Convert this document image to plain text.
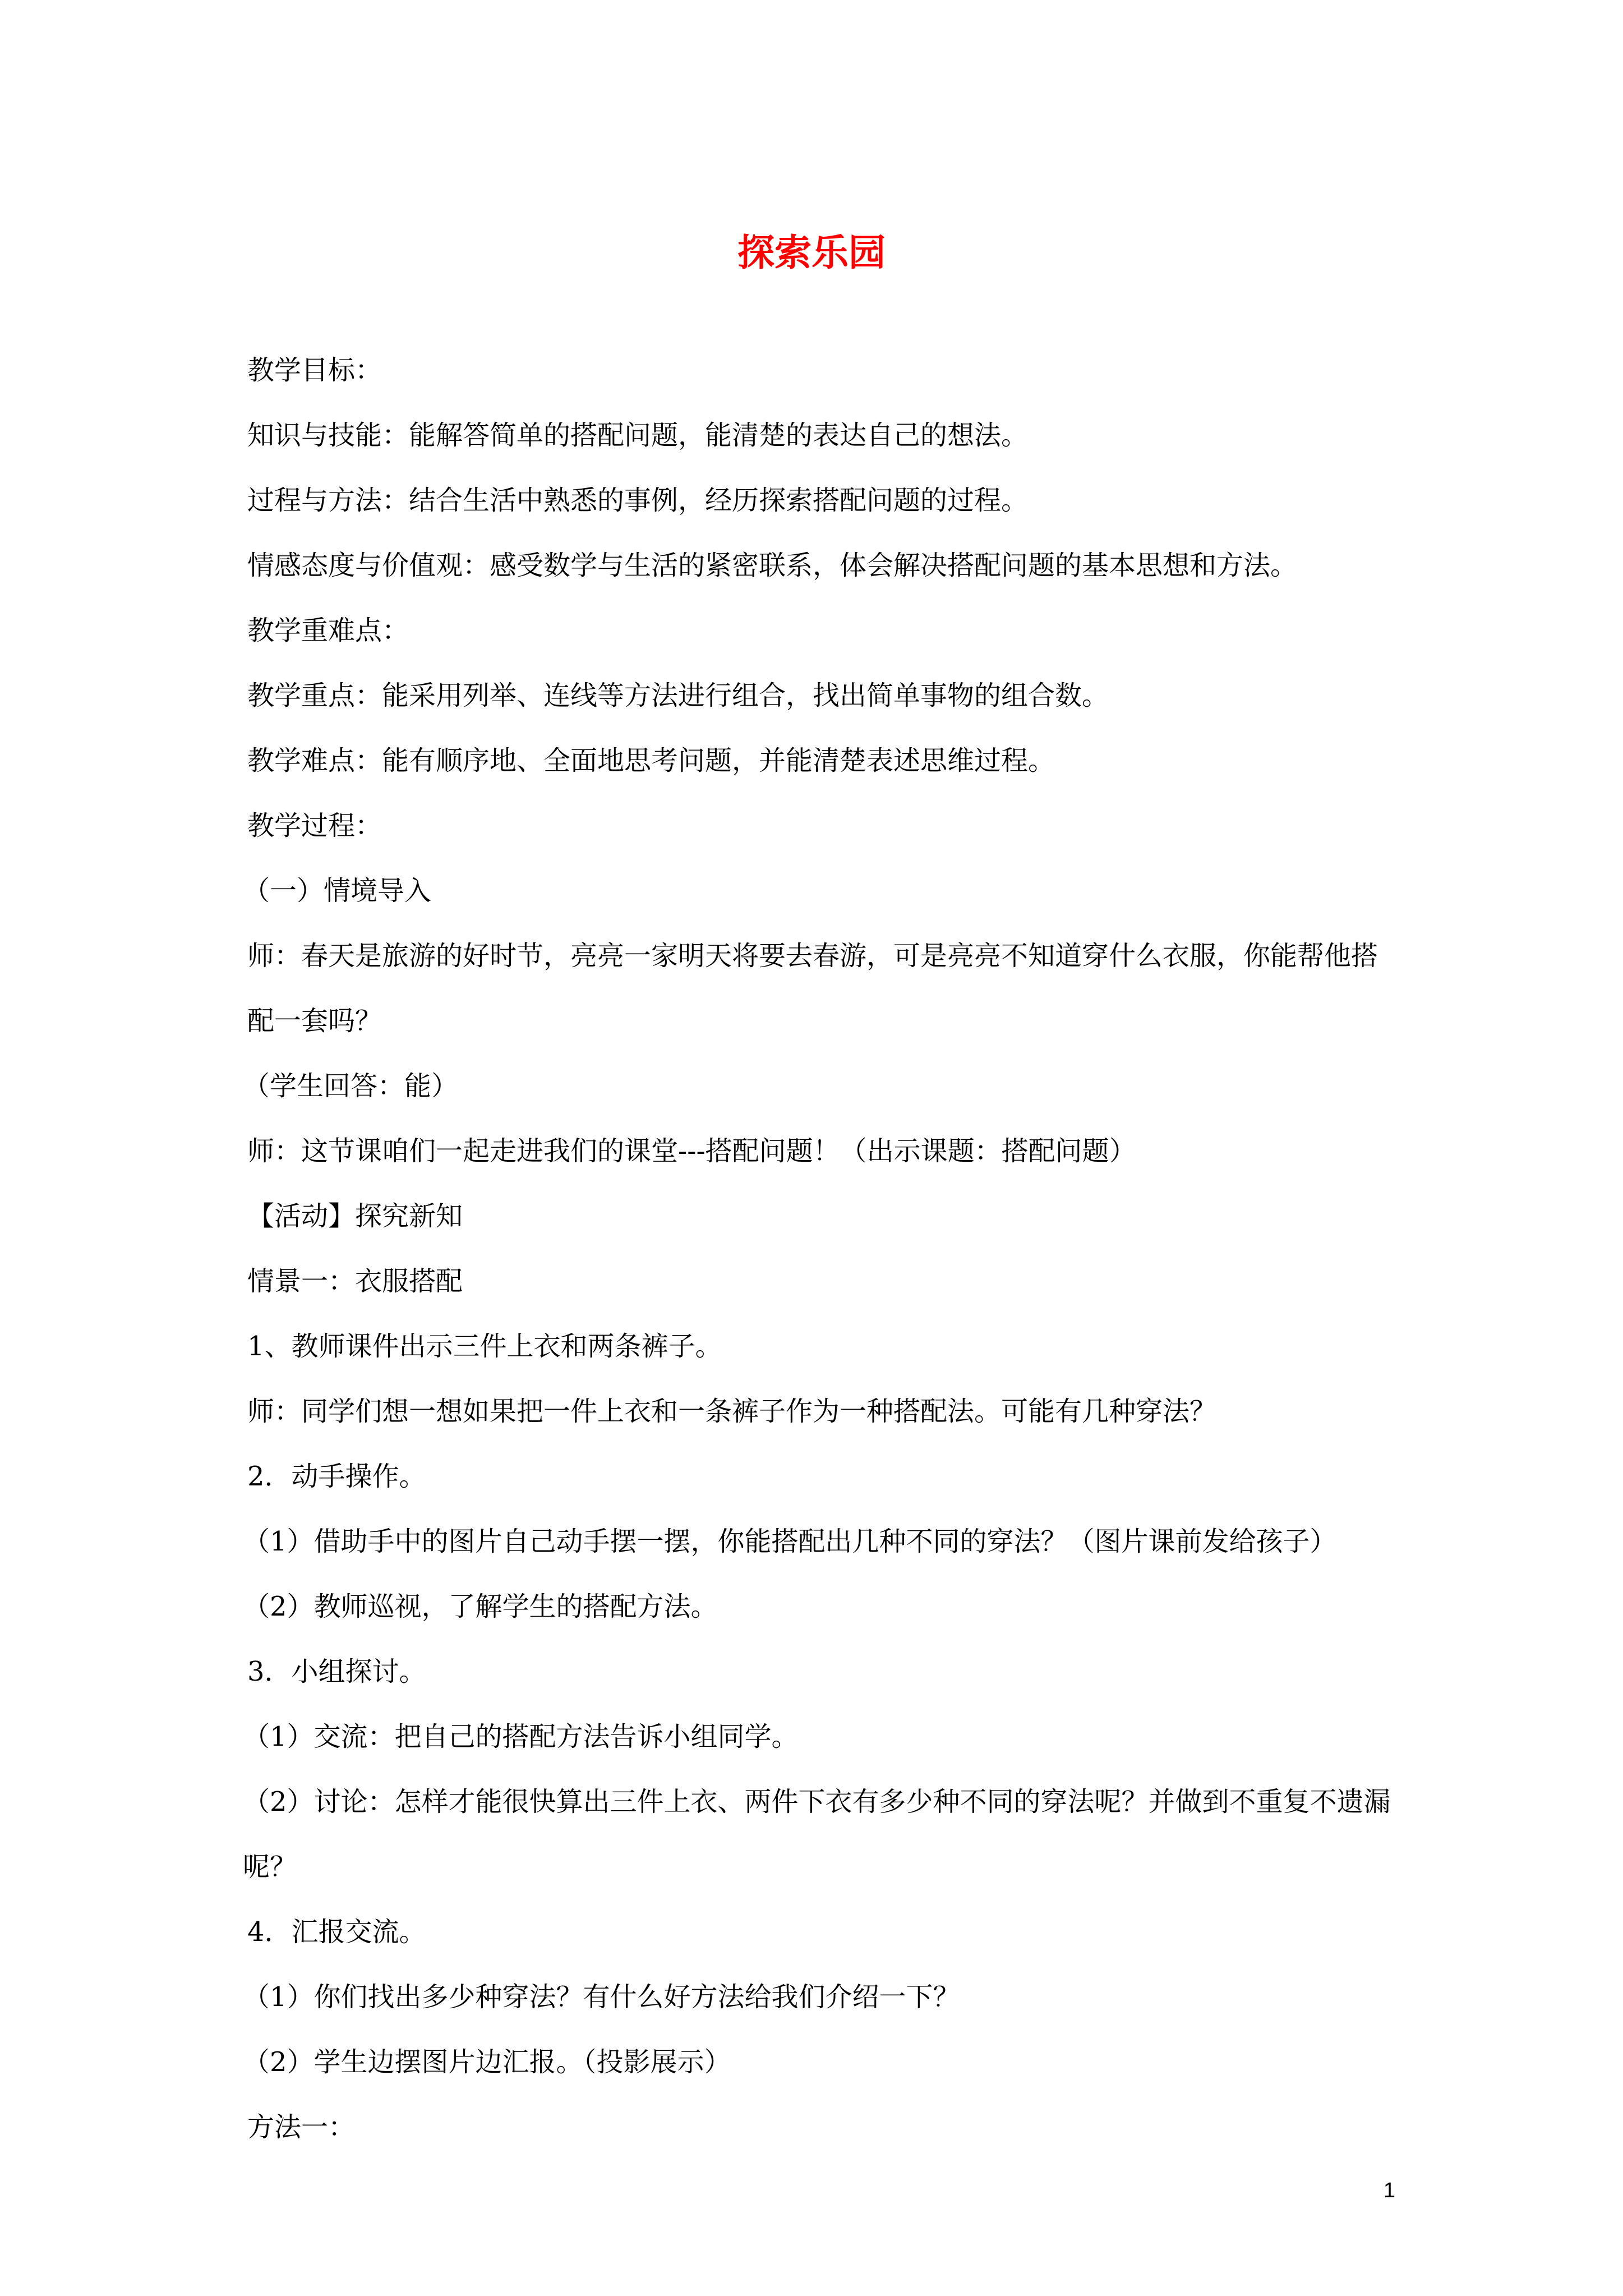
探索乐园

教学目标：

知识与技能：能解答简单的搭配问题，能清楚的表达自己的想法。

过程与方法：结合生活中熟悉的事例，经历探索搭配问题的过程。

情感态度与价值观：感受数学与生活的紧密联系，体会解决搭配问题的基本思想和方法。

教学重难点：

教学重点：能采用列举、连线等方法进行组合，找出简单事物的组合数。

教学难点：能有顺序地、全面地思考问题，并能清楚表述思维过程。

教学过程：

（一）情境导入

师：春天是旅游的好时节，亮亮一家明天将要去春游，可是亮亮不知道穿什么衣服，你能帮他搭配一套吗？

（学生回答：能）

师：这节课咱们一起走进我们的课堂---搭配问题！（出示课题：搭配问题）

【活动】探究新知

情景一：衣服搭配

1、教师课件出示三件上衣和两条裤子。

师：同学们想一想如果把一件上衣和一条裤子作为一种搭配法。可能有几种穿法？

2．动手操作。

（1）借助手中的图片自己动手摆一摆，你能搭配出几种不同的穿法？（图片课前发给孩子）

（2）教师巡视，了解学生的搭配方法。

3．小组探讨。

（1）交流：把自己的搭配方法告诉小组同学。

（2）讨论：怎样才能很快算出三件上衣、两件下衣有多少种不同的穿法呢？并做到不重复不遗漏呢？

4．汇报交流。

（1）你们找出多少种穿法？有什么好方法给我们介绍一下？

（2）学生边摆图片边汇报。（投影展示）

方法一：

1
